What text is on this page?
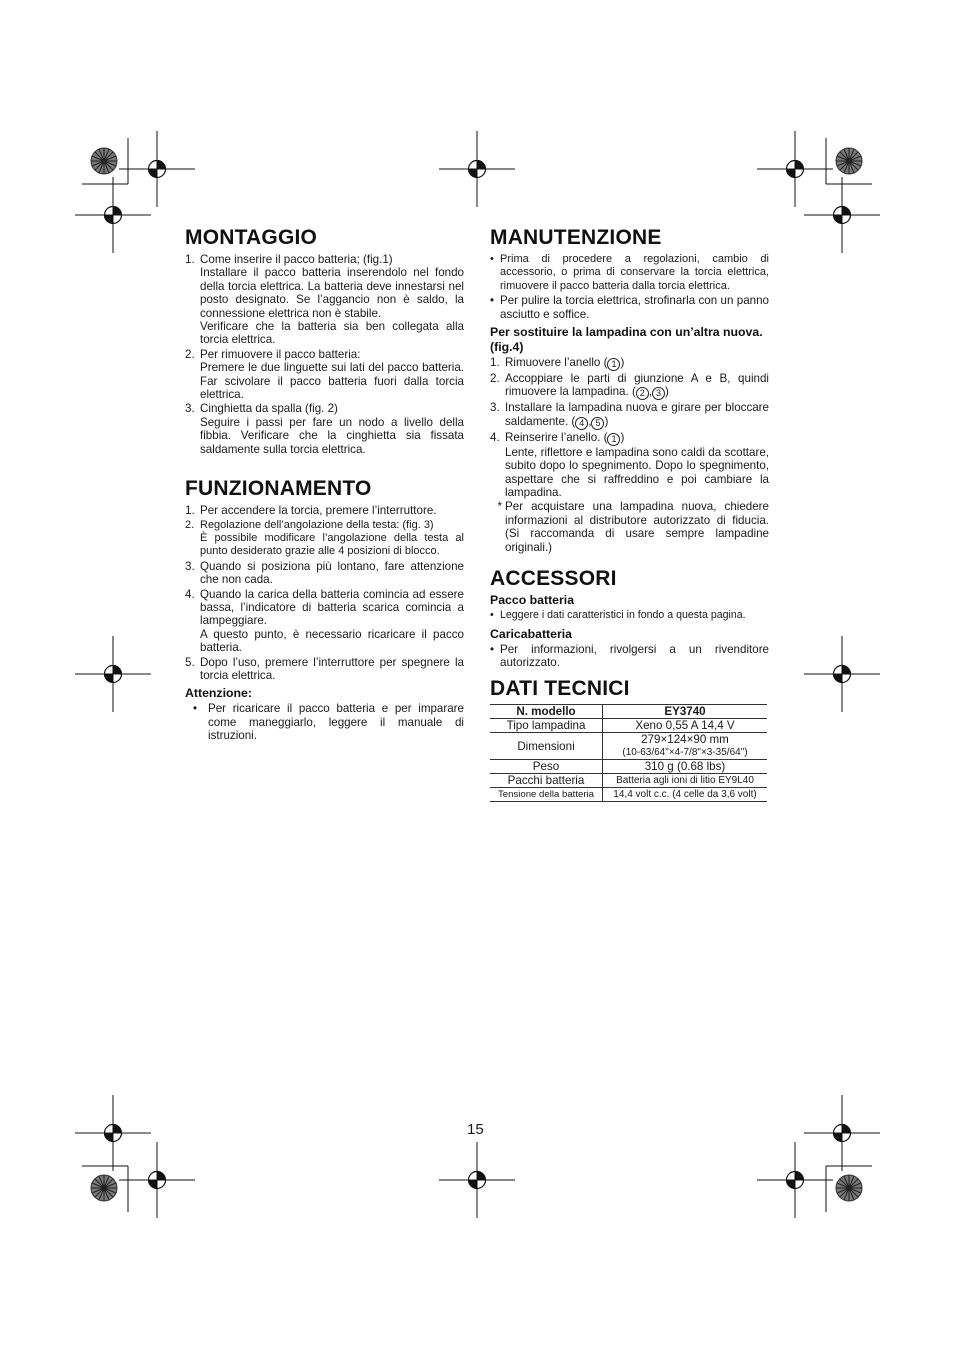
MONTAGGIO
1. Come inserire il pacco batteria; (fig.1)
Installare il pacco batteria inserendolo nel fondo della torcia elettrica. La batteria deve innestarsi nel posto designato. Se l’aggancio non è saldo, la connessione elettrica non è stabile.
Verificare che la batteria sia ben collegata alla torcia elettrica.
2. Per rimuovere il pacco batteria:
Premere le due linguette sui lati del pacco batteria. Far scivolare il pacco batteria fuori dalla torcia elettrica.
3. Cinghietta da spalla (fig. 2)
Seguire i passi per fare un nodo a livello della fibbia. Verificare che la cinghietta sia fissata saldamente sulla torcia elettrica.
FUNZIONAMENTO
1. Per accendere la torcia, premere l’interruttore.
2. Regolazione dell’angolazione della testa: (fig. 3)
È possibile modificare l’angolazione della testa al punto desiderato grazie alle 4 posizioni di blocco.
3. Quando si posiziona più lontano, fare attenzione che non cada.
4. Quando la carica della batteria comincia ad essere bassa, l’indicatore di batteria scarica comincia a lampeggiare.
A questo punto, è necessario ricaricare il pacco batteria.
5. Dopo l’uso, premere l’interruttore per spegnere la torcia elettrica.
Attenzione:
• Per ricaricare il pacco batteria e per imparare come maneggiarlo, leggere il manuale di istruzioni.
MANUTENZIONE
• Prima di procedere a regolazioni, cambio di accessorio, o prima di conservare la torcia elettrica, rimuovere il pacco batteria dalla torcia elettrica.
• Per pulire la torcia elettrica, strofinarla con un panno asciutto e soffice.
Per sostituire la lampadina con un’altra nuova. (fig.4)
1. Rimuovere l’anello ( 1 )
2. Accoppiare le parti di giunzione A e B, quindi rimuovere la lampadina. ( 2 , 3 )
3. Installare la lampadina nuova e girare per bloccare saldamente. ( 4 , 5 )
4. Reinserire l’anello. ( 1 )
Lente, riflettore e lampadina sono caldi da scottare, subito dopo lo spegnimento. Dopo lo spegnimento, aspettare che si raffreddino e poi cambiare la lampadina.
* Per acquistare una lampadina nuova, chiedere informazioni al distributore autorizzato di fiducia. (Si raccomanda di usare sempre lampadine originali.)
ACCESSORI
Pacco batteria
• Leggere i dati caratteristici in fondo a questa pagina.
Caricabatteria
• Per informazioni, rivolgersi a un rivenditore autorizzato.
DATI TECNICI
N. modello	EY3740
Tipo lampadina	Xeno 0,55 A 14,4 V
Dimensioni	279×124×90 mm
(10-63/64"×4-7/8"×3-35/64")

Peso	310 g (0.68 lbs)
Pacchi batteria	Batteria agli ioni di litio EY9L40
Tensione della batteria	14,4 volt c.c. (4 celle da 3,6 volt)
15
